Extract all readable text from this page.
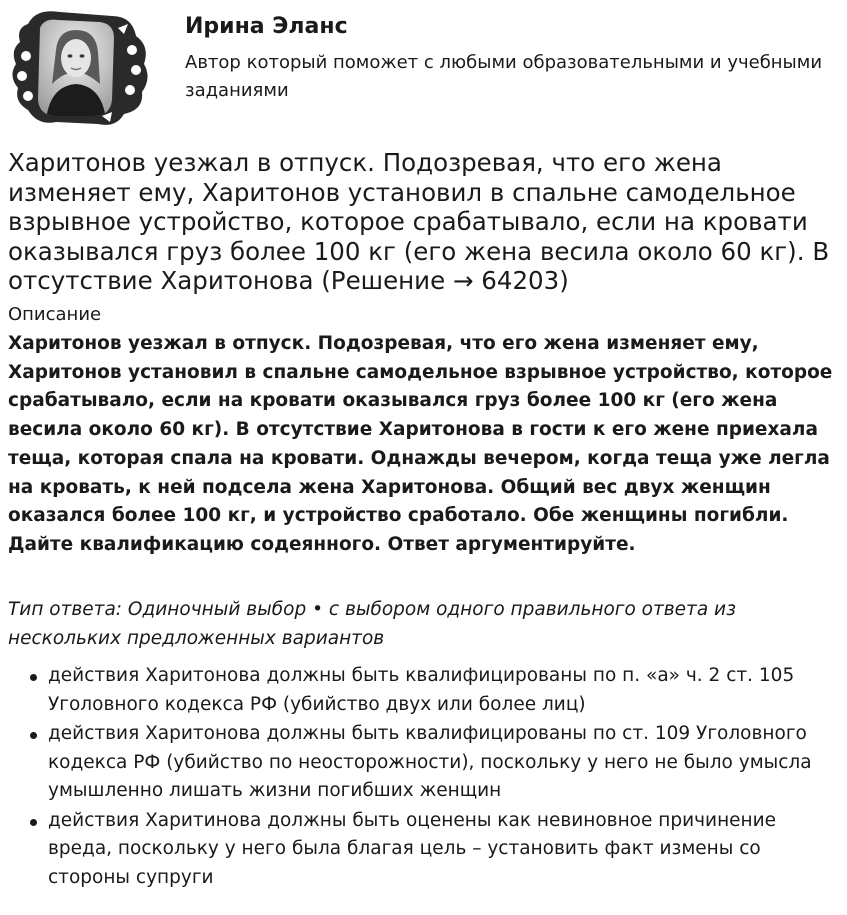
Ирина Эланс
Автор который поможет с любыми образовательными и учебными заданиями
Харитонов уезжал в отпуск. Подозревая, что его жена изменяет ему, Харитонов установил в спальне самодельное взрывное устройство, которое срабатывало, если на кровати оказывался груз более 100 кг (его жена весила около 60 кг). В отсутствие Харитонова (Решение → 64203)
Описание
Харитонов уезжал в отпуск. Подозревая, что его жена изменяет ему, Харитонов установил в спальне самодельное взрывное устройство, которое срабатывало, если на кровати оказывался груз более 100 кг (его жена весила около 60 кг). В отсутствие Харитонова в гости к его жене приехала теща, которая спала на кровати. Однажды вечером, когда теща уже легла на кровать, к ней подсела жена Харитонова. Общий вес двух женщин оказался более 100 кг, и устройство сработало. Обе женщины погибли. Дайте квалификацию содеянного. Ответ аргументируйте.
Тип ответа: Одиночный выбор • с выбором одного правильного ответа из нескольких предложенных вариантов
действия Харитонова должны быть квалифицированы по п. «а» ч. 2 ст. 105 Уголовного кодекса РФ (убийство двух или более лиц)
действия Харитонова должны быть квалифицированы по ст. 109 Уголовного кодекса РФ (убийство по неосторожности), поскольку у него не было умысла умышленно лишать жизни погибших женщин
действия Харитинова должны быть оценены как невиновное причинение вреда, поскольку у него была благая цель – установить факт измены со стороны супруги
